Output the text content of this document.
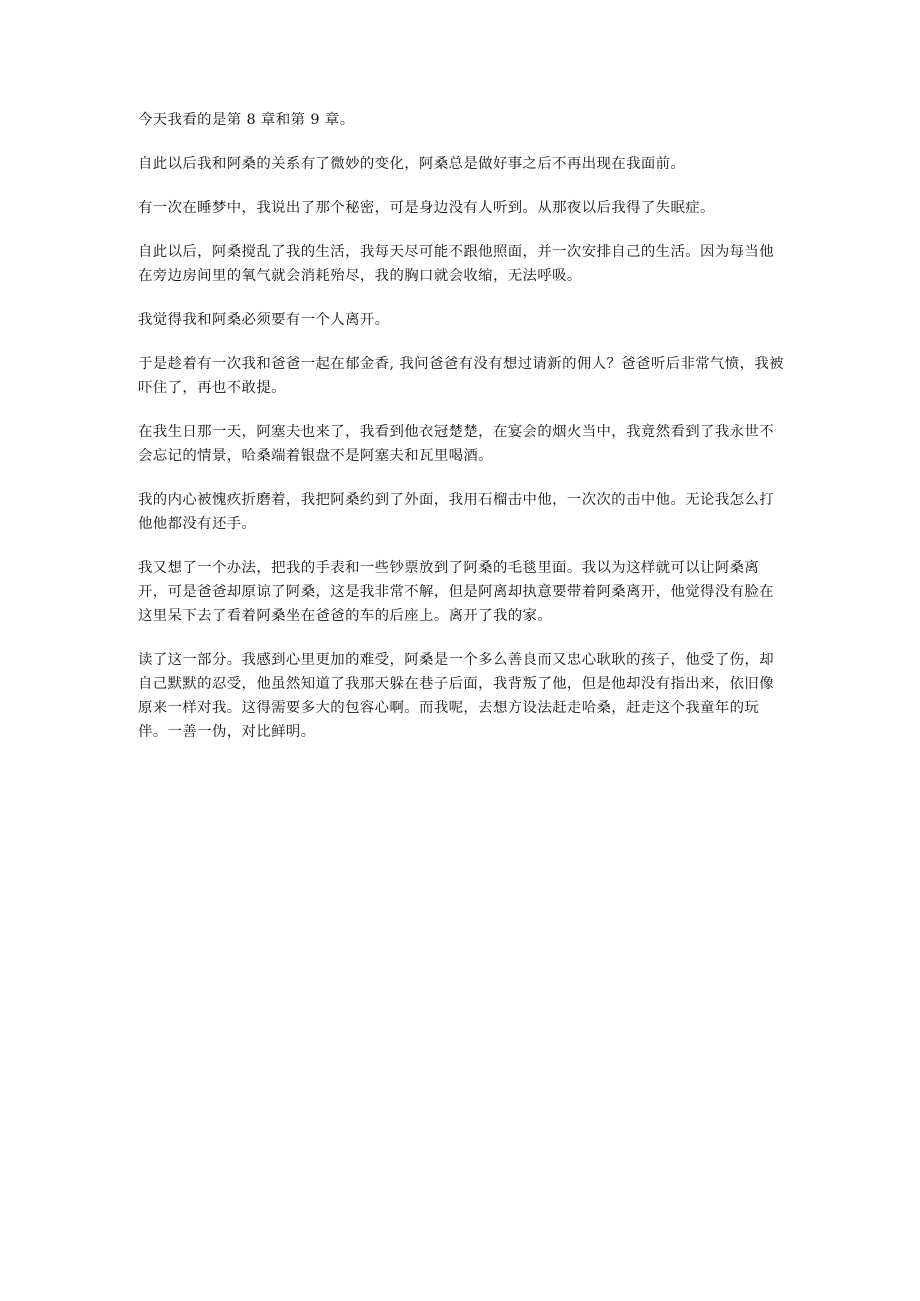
今天我看的是第 8 章和第 9 章。

自此以后我和阿桑的关系有了微妙的变化，阿桑总是做好事之后不再出现在我面前。

有一次在睡梦中，我说出了那个秘密，可是身边没有人听到。从那夜以后我得了失眠症。

自此以后，阿桑搅乱了我的生活，我每天尽可能不跟他照面，并一次安排自己的生活。因为每当他在旁边房间里的氧气就会消耗殆尽，我的胸口就会收缩，无法呼吸。

我觉得我和阿桑必须要有一个人离开。

于是趁着有一次我和爸爸一起在郁金香, 我问爸爸有没有想过请新的佣人？爸爸听后非常气愤，我被吓住了，再也不敢提。

在我生日那一天，阿塞夫也来了，我看到他衣冠楚楚，在宴会的烟火当中，我竟然看到了我永世不会忘记的情景，哈桑端着银盘不是阿塞夫和瓦里喝酒。

我的内心被愧疚折磨着，我把阿桑约到了外面，我用石榴击中他，一次次的击中他。无论我怎么打他他都没有还手。

我又想了一个办法，把我的手表和一些钞票放到了阿桑的毛毯里面。我以为这样就可以让阿桑离开，可是爸爸却原谅了阿桑，这是我非常不解，但是阿离却执意要带着阿桑离开，他觉得没有脸在这里呆下去了看着阿桑坐在爸爸的车的后座上。离开了我的家。

读了这一部分。我感到心里更加的难受，阿桑是一个多么善良而又忠心耿耿的孩子，他受了伤，却自己默默的忍受，他虽然知道了我那天躲在巷子后面，我背叛了他，但是他却没有指出来，依旧像原来一样对我。这得需要多大的包容心啊。而我呢，去想方设法赶走哈桑，赶走这个我童年的玩伴。一善一伪，对比鲜明。
